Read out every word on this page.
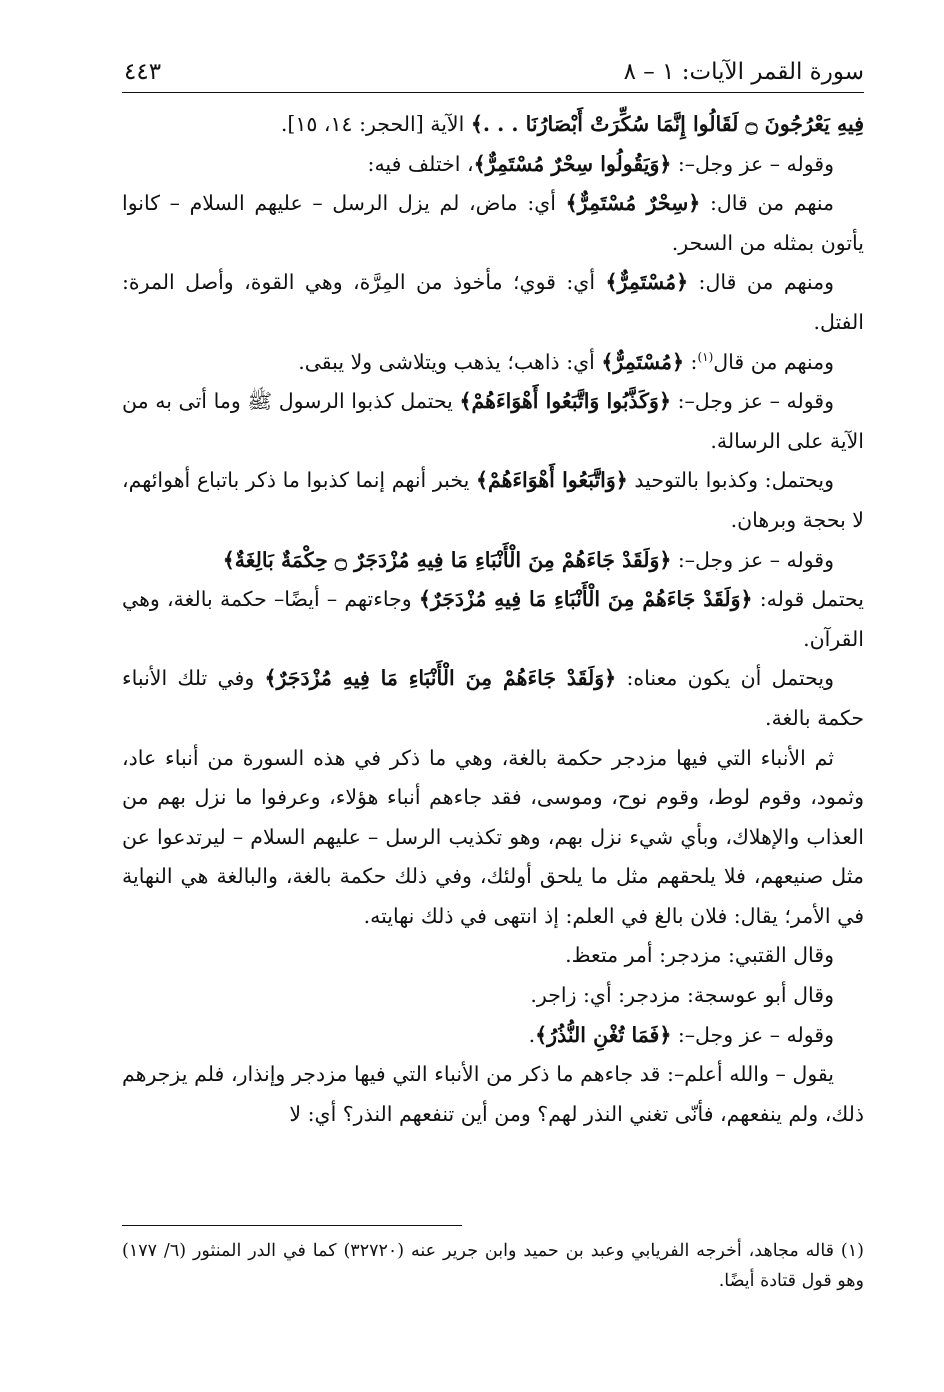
سورة القمر الآيات: ١ – ٨
٤٤٣

فِيهِ يَعْرُجُونَ ۝ لَقَالُوا إِنَّمَا سُكِّرَتْ أَبْصَارُنَا . . .﴾ الآية [الحجر: ١٤، ١٥].

وقوله – عز وجل–: ﴿وَيَقُولُوا سِحْرٌ مُسْتَمِرٌّ﴾، اختلف فيه:

منهم من قال: ﴿سِحْرٌ مُسْتَمِرٌّ﴾ أي: ماض، لم يزل الرسل – عليهم السلام – كانوا يأتون بمثله من السحر.

ومنهم من قال: ﴿مُسْتَمِرٌّ﴾ أي: قوي؛ مأخوذ من المِرَّة، وهي القوة، وأصل المرة: الفتل.

ومنهم من قال$^{(١)}$: ﴿مُسْتَمِرٌّ﴾ أي: ذاهب؛ يذهب ويتلاشى ولا يبقى.

وقوله – عز وجل–: ﴿وَكَذَّبُوا وَاتَّبَعُوا أَهْوَاءَهُمْ﴾ يحتمل كذبوا الرسول ﷺ وما أتى به من الآية على الرسالة.

ويحتمل: وكذبوا بالتوحيد ﴿وَاتَّبَعُوا أَهْوَاءَهُمْ﴾ يخبر أنهم إنما كذبوا ما ذكر باتباع أهوائهم، لا بحجة وبرهان.

وقوله – عز وجل–: ﴿وَلَقَدْ جَاءَهُمْ مِنَ الْأَنْبَاءِ مَا فِيهِ مُزْدَجَرٌ ۝ حِكْمَةٌ بَالِغَةٌ﴾

يحتمل قوله: ﴿وَلَقَدْ جَاءَهُمْ مِنَ الْأَنْبَاءِ مَا فِيهِ مُزْدَجَرٌ﴾ وجاءتهم – أيضًا– حكمة بالغة، وهي القرآن.

ويحتمل أن يكون معناه: ﴿وَلَقَدْ جَاءَهُمْ مِنَ الْأَنْبَاءِ مَا فِيهِ مُزْدَجَرٌ﴾ وفي تلك الأنباء حكمة بالغة.

ثم الأنباء التي فيها مزدجر حكمة بالغة، وهي ما ذكر في هذه السورة من أنباء عاد، وثمود، وقوم لوط، وقوم نوح، وموسى، فقد جاءهم أنباء هؤلاء، وعرفوا ما نزل بهم من العذاب والإهلاك، وبأي شيء نزل بهم، وهو تكذيب الرسل – عليهم السلام – ليرتدعوا عن مثل صنيعهم، فلا يلحقهم مثل ما يلحق أولئك، وفي ذلك حكمة بالغة، والبالغة هي النهاية في الأمر؛ يقال: فلان بالغ في العلم: إذ انتهى في ذلك نهايته.

وقال القتبي: مزدجر: أمر متعظ.

وقال أبو عوسجة: مزدجر: أي: زاجر.

وقوله – عز وجل–: ﴿فَمَا تُغْنِ النُّذُرُ﴾.

يقول – والله أعلم–: قد جاءهم ما ذكر من الأنباء التي فيها مزدجر وإنذار، فلم يزجرهم ذلك، ولم ينفعهم، فأنّى تغني النذر لهم؟ ومن أين تنفعهم النذر؟ أي: لا

(١) قاله مجاهد، أخرجه الفريابي وعبد بن حميد وابن جرير عنه (٣٢٧٢٠) كما في الدر المنثور (٦/ ١٧٧) وهو قول قتادة أيضًا.
